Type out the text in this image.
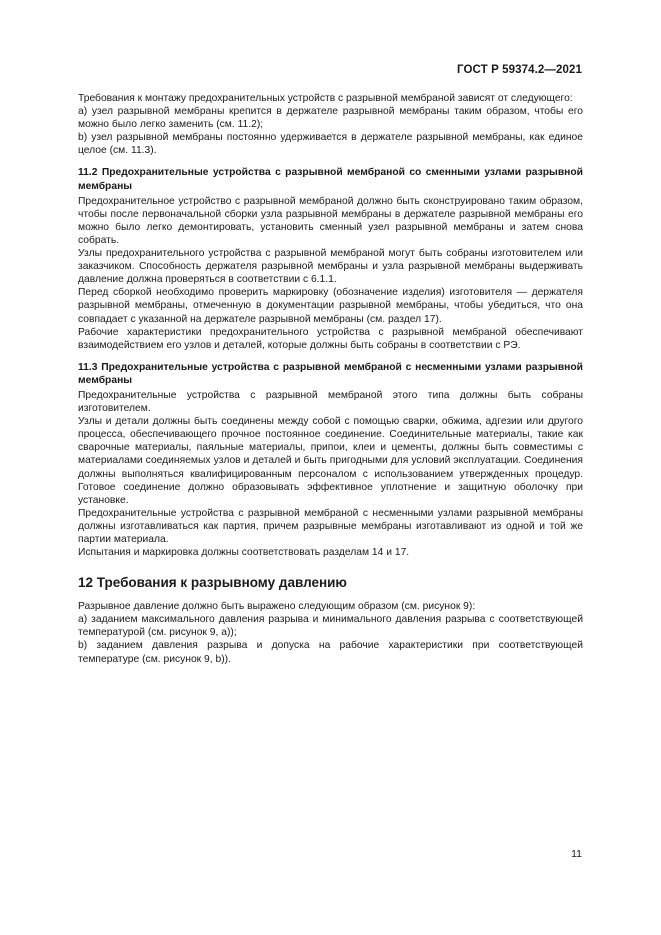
ГОСТ Р 59374.2—2021

Требования к монтажу предохранительных устройств с разрывной мембраной зависят от следующего:

а) узел разрывной мембраны крепится в держателе разрывной мембраны таким образом, чтобы его можно было легко заменить (см. 11.2);

b) узел разрывной мембраны постоянно удерживается в держателе разрывной мембраны, как единое целое (см. 11.3).

11.2 Предохранительные устройства с разрывной мембраной со сменными узлами разрывной мембраны

Предохранительное устройство с разрывной мембраной должно быть сконструировано таким образом, чтобы после первоначальной сборки узла разрывной мембраны в держателе разрывной мембраны его можно было легко демонтировать, установить сменный узел разрывной мембраны и затем снова собрать.

Узлы предохранительного устройства с разрывной мембраной могут быть собраны изготовителем или заказчиком. Способность держателя разрывной мембраны и узла разрывной мембраны выдерживать давление должна проверяться в соответствии с 6.1.1.

Перед сборкой необходимо проверить маркировку (обозначение изделия) изготовителя — держателя разрывной мембраны, отмеченную в документации разрывной мембраны, чтобы убедиться, что она совпадает с указанной на держателе разрывной мембраны (см. раздел 17).

Рабочие характеристики предохранительного устройства с разрывной мембраной обеспечивают взаимодействием его узлов и деталей, которые должны быть собраны в соответствии с РЭ.

11.3 Предохранительные устройства с разрывной мембраной с несменными узлами разрывной мембраны

Предохранительные устройства с разрывной мембраной этого типа должны быть собраны изготовителем.

Узлы и детали должны быть соединены между собой с помощью сварки, обжима, адгезии или другого процесса, обеспечивающего прочное постоянное соединение. Соединительные материалы, такие как сварочные материалы, паяльные материалы, припои, клеи и цементы, должны быть совместимы с материалами соединяемых узлов и деталей и быть пригодными для условий эксплуатации. Соединения должны выполняться квалифицированным персоналом с использованием утвержденных процедур. Готовое соединение должно образовывать эффективное уплотнение и защитную оболочку при установке.

Предохранительные устройства с разрывной мембраной с несменными узлами разрывной мембраны должны изготавливаться как партия, причем разрывные мембраны изготавливают из одной и той же партии материала.

Испытания и маркировка должны соответствовать разделам 14 и 17.

12 Требования к разрывному давлению

Разрывное давление должно быть выражено следующим образом (см. рисунок 9):

а) заданием максимального давления разрыва и минимального давления разрыва с соответствующей температурой (см. рисунок 9, а));

b) заданием давления разрыва и допуска на рабочие характеристики при соответствующей температуре (см. рисунок 9, b)).

11
